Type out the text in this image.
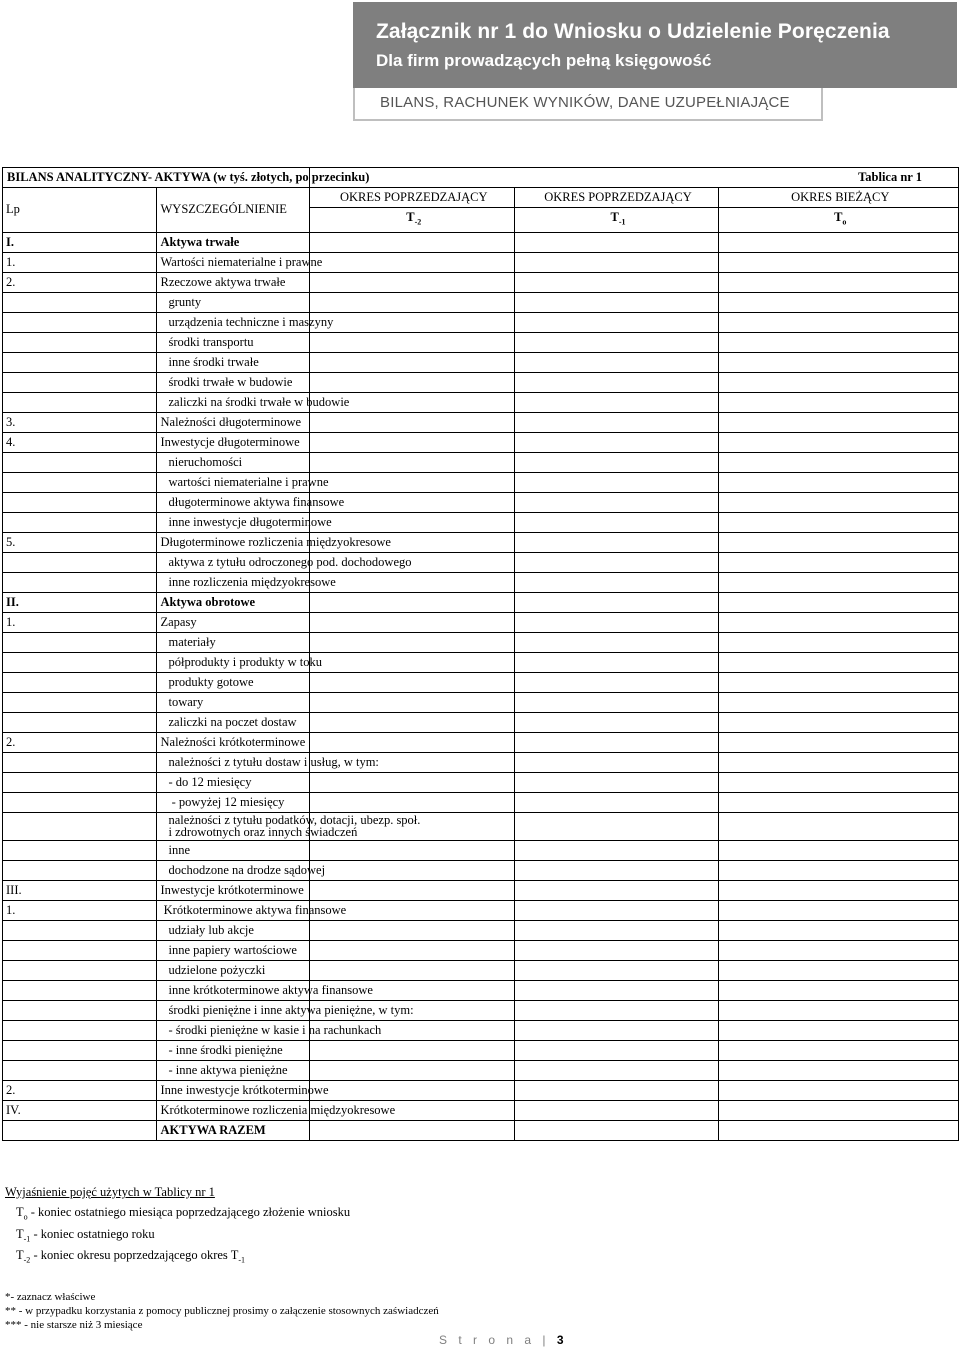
Załącznik nr 1 do Wniosku o Udzielenie Poręczenia
Dla firm prowadzących pełną księgowość
BILANS, RACHUNEK WYNIKÓW, DANE UZUPEŁNIAJĄCE
BILANS ANALITYCZNY- AKTYWA (w tyś. złotych, po przecinku)				Tablica nr 1
Lp	WYSZCZEGÓLNIENIE	OKRES POPRZEDZAJĄCY	OKRES POPRZEDZAJĄCY	OKRES BIEŻĄCY
		$T_{-2}$	$T_{-1}$	$T_o$
I.	Aktywa trwałe			
1.	Wartości niematerialne i prawne			
2.	Rzeczowe aktywa trwałe			
	grunty			
	urządzenia techniczne i maszyny			
	środki transportu			
	inne środki trwałe			
	środki trwałe w budowie			
	zaliczki na środki trwałe w budowie			
3.	Należności długoterminowe			
4.	Inwestycje długoterminowe			
	nieruchomości			
	wartości niematerialne i prawne			
	długoterminowe aktywa finansowe			
	inne inwestycje długoterminowe			
5.	Długoterminowe rozliczenia międzyokresowe			
	aktywa z tytułu odroczonego pod. dochodowego			
	inne rozliczenia międzyokresowe			
II.	Aktywa obrotowe			
1.	Zapasy			
	materiały			
	półprodukty i produkty w toku			
	produkty gotowe			
	towary			
	zaliczki na poczet dostaw			
2.	Należności krótkoterminowe			
	należności z tytułu dostaw i usług, w tym:			
	- do 12 miesięcy			
	- powyżej 12 miesięcy			

	należności z tytułu podatków, dotacji, ubezp. społ.
i zdrowotnych oraz innych świadczeń			

	inne			
	dochodzone na drodze sądowej			
III.	Inwestycje krótkoterminowe			
1.	Krótkoterminowe aktywa finansowe			
	udziały lub akcje			
	inne papiery wartościowe			
	udzielone pożyczki			
	inne krótkoterminowe aktywa finansowe			
	środki pieniężne i inne aktywa pieniężne, w tym:			
	- środki pieniężne w kasie i na rachunkach			
	- inne środki pieniężne			
	- inne aktywa pieniężne			
2.	Inne inwestycje krótkoterminowe			
IV.	Krótkoterminowe rozliczenia międzyokresowe			
	AKTYWA RAZEM			
Wyjaśnienie pojęć użytych w Tablicy nr 1
$T_o$ - koniec ostatniego miesiąca poprzedzającego złożenie wniosku
$T_{-1}$ - koniec ostatniego roku
$T_{-2}$ - koniec okresu poprzedzającego okres $T_{-1}$
*- zaznacz właściwe
** - w przypadku korzystania z pomocy publicznej prosimy o załączenie stosownych zaświadczeń
*** - nie starsze niż 3 miesiące
S t r o n a | 3
